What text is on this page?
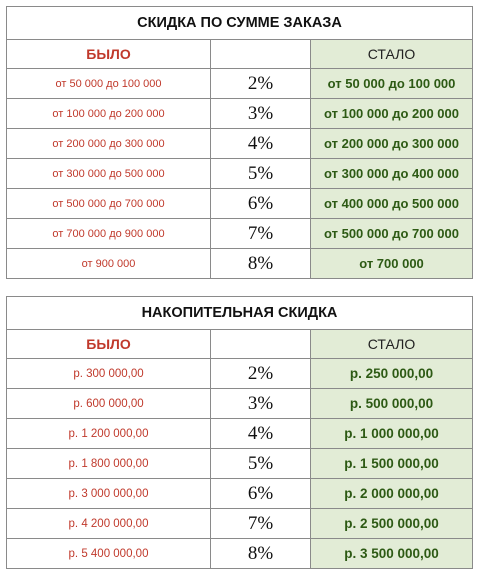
СКИДКА ПО СУММЕ ЗАКАЗА		
БЫЛО		СТАЛО
от 50 000 до 100 000	2%	от 50 000 до 100 000
от 100 000 до 200 000	3%	от 100 000 до 200 000
от 200 000 до 300 000	4%	от 200 000 до 300 000
от 300 000 до 500 000	5%	от 300 000 до 400 000
от 500 000 до 700 000	6%	от 400 000 до 500 000
от 700 000 до 900 000	7%	от 500 000 до 700 000
от 900 000	8%	от 700 000
НАКОПИТЕЛЬНАЯ СКИДКА		
БЫЛО		СТАЛО
р. 300 000,00	2%	р. 250 000,00
р. 600 000,00	3%	р. 500 000,00
р. 1 200 000,00	4%	р. 1 000 000,00
р. 1 800 000,00	5%	р. 1 500 000,00
р. 3 000 000,00	6%	р. 2 000 000,00
р. 4 200 000,00	7%	р. 2 500 000,00
р. 5 400 000,00	8%	р. 3 500 000,00
